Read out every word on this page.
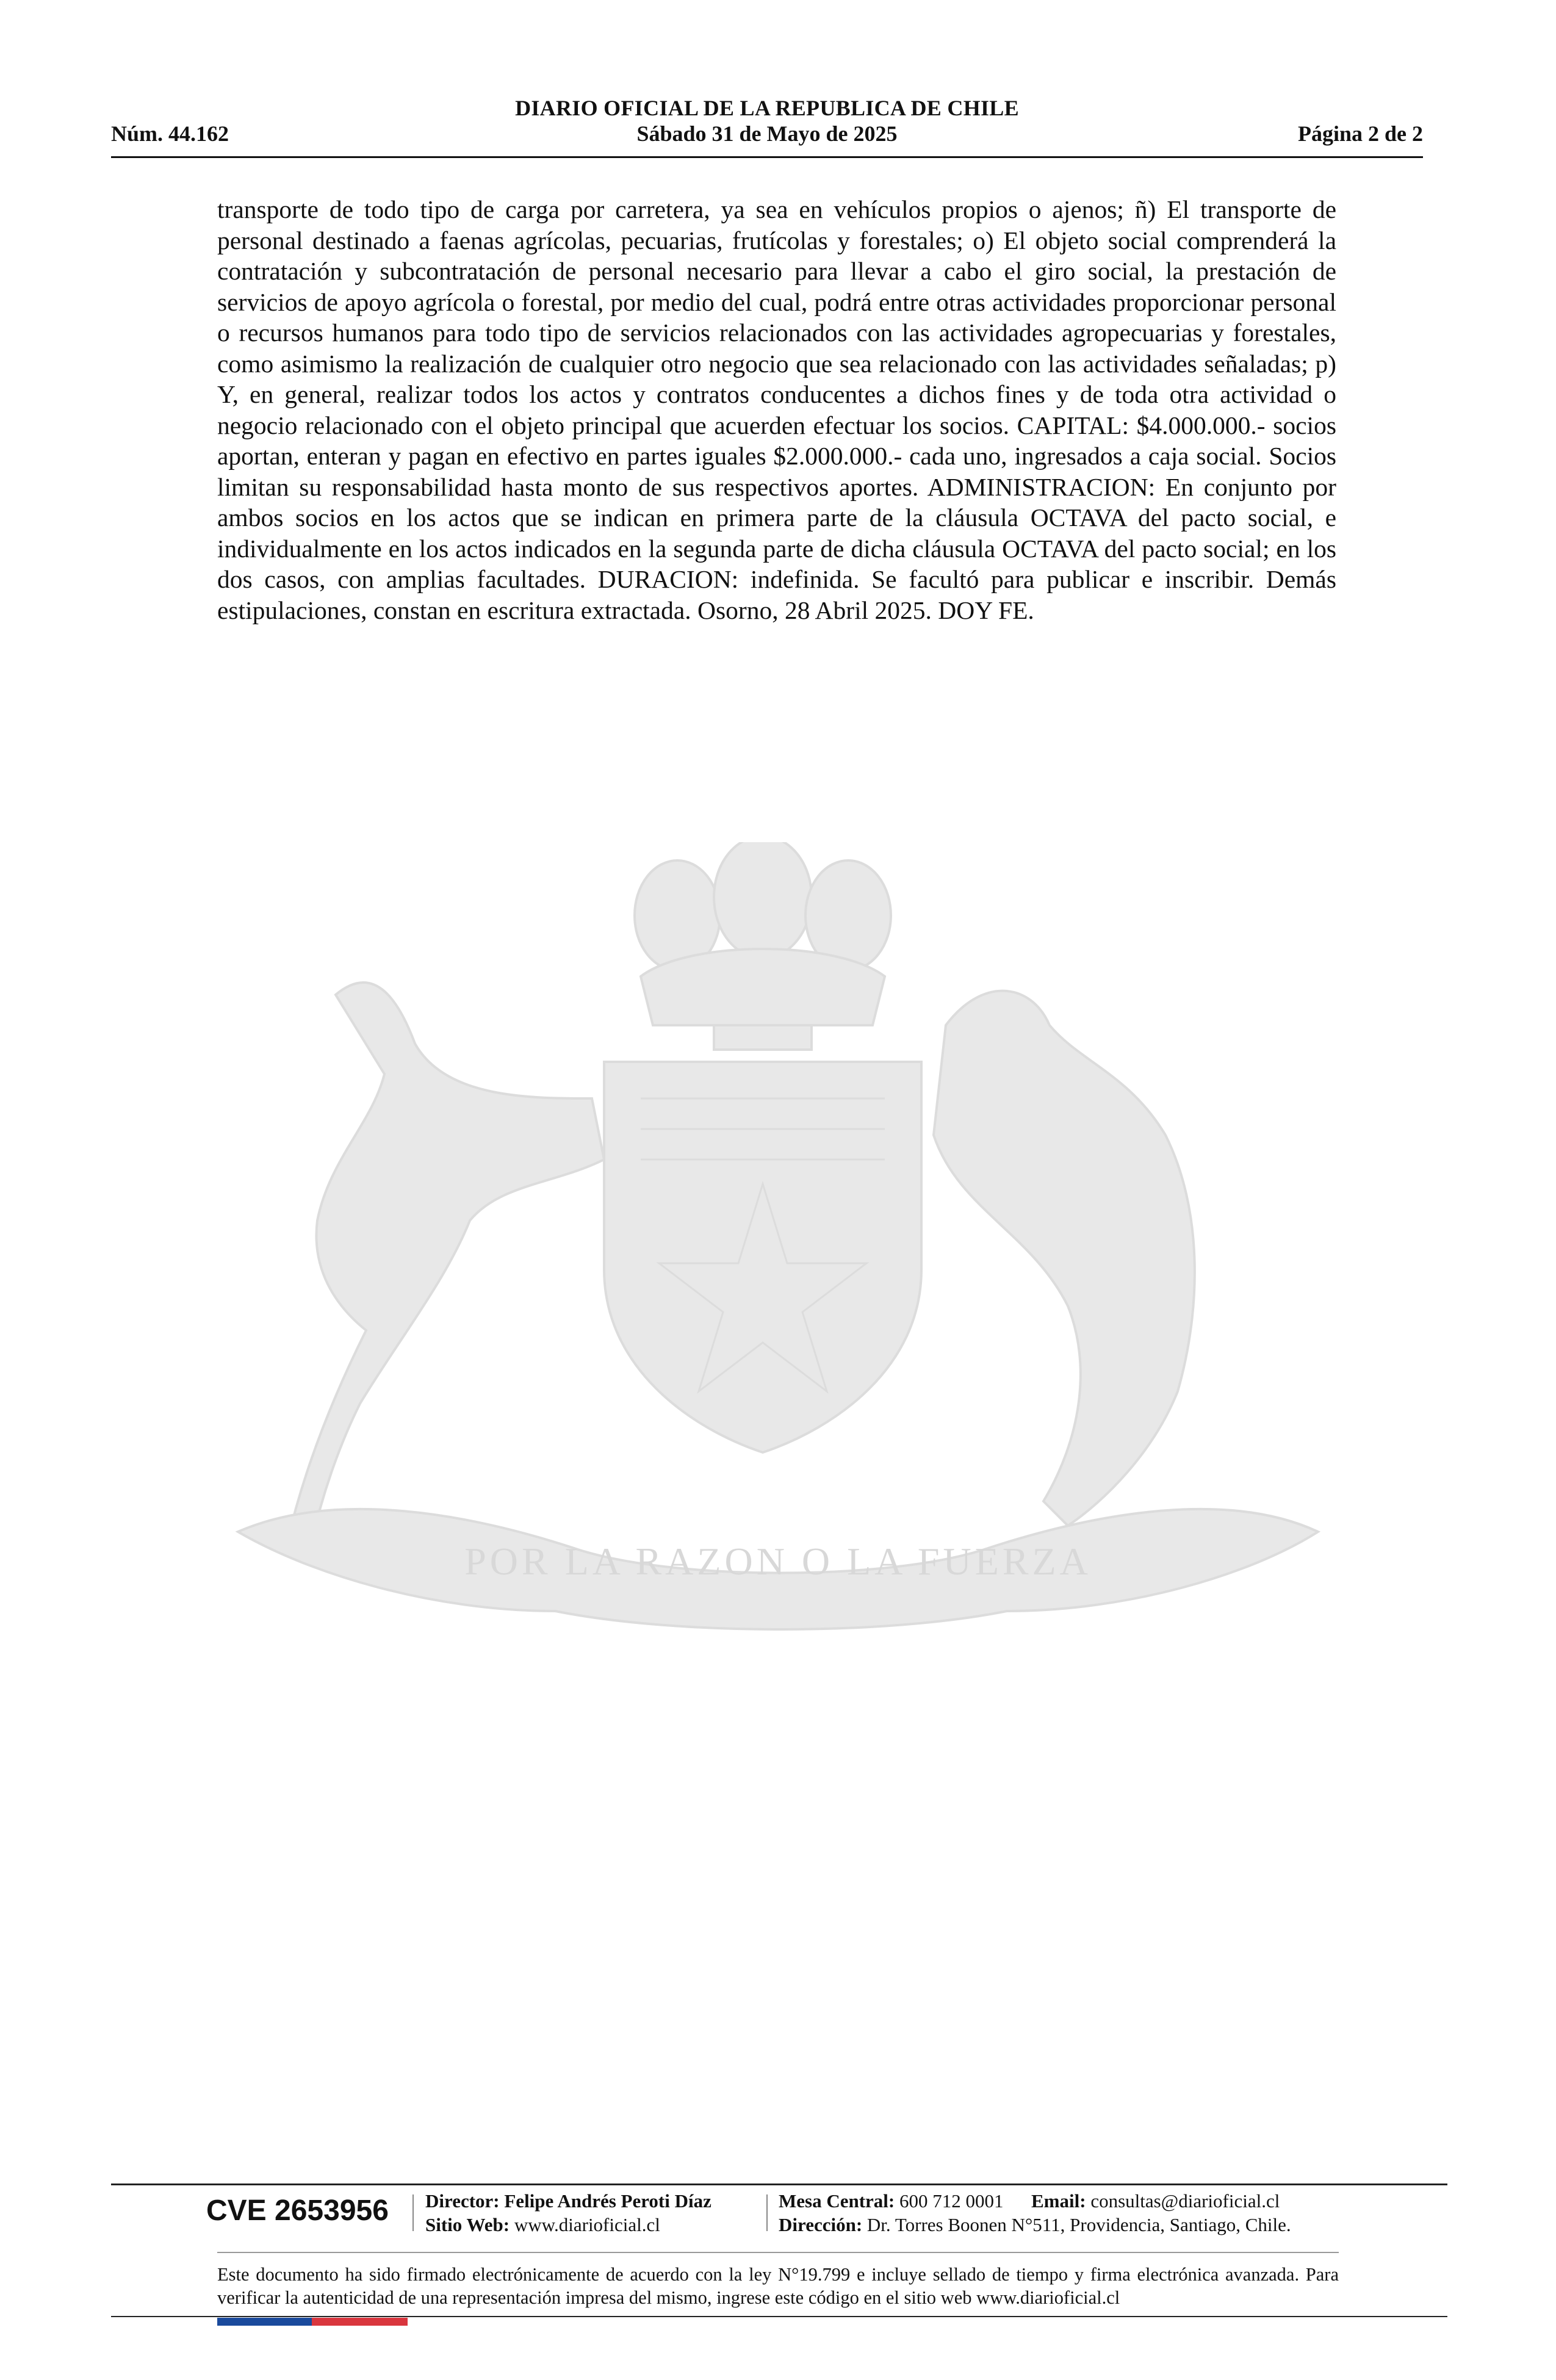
DIARIO OFICIAL DE LA REPUBLICA DE CHILE
Núm. 44.162	Sábado 31 de Mayo de 2025	Página 2 de 2

transporte de todo tipo de carga por carretera, ya sea en vehículos propios o ajenos; ñ) El transporte de personal destinado a faenas agrícolas, pecuarias, frutícolas y forestales; o) El objeto social comprenderá la contratación y subcontratación de personal necesario para llevar a cabo el giro social, la prestación de servicios de apoyo agrícola o forestal, por medio del cual, podrá entre otras actividades proporcionar personal o recursos humanos para todo tipo de servicios relacionados con las actividades agropecuarias y forestales, como asimismo la realización de cualquier otro negocio que sea relacionado con las actividades señaladas; p) Y, en general, realizar todos los actos y contratos conducentes a dichos fines y de toda otra actividad o negocio relacionado con el objeto principal que acuerden efectuar los socios. CAPITAL: $4.000.000.- socios aportan, enteran y pagan en efectivo en partes iguales $2.000.000.- cada uno, ingresados a caja social. Socios limitan su responsabilidad hasta monto de sus respectivos aportes. ADMINISTRACION: En conjunto por ambos socios en los actos que se indican en primera parte de la cláusula OCTAVA del pacto social, e individualmente en los actos indicados en la segunda parte de dicha cláusula OCTAVA del pacto social; en los dos casos, con amplias facultades. DURACION: indefinida. Se facultó para publicar e inscribir. Demás estipulaciones, constan en escritura extractada. Osorno, 28 Abril 2025. DOY FE.

POR LA RAZON O LA FUERZA
CVE 2653956	Director: Felipe Andrés Peroti Díaz
Sitio Web: www.diarioficial.cl
Mesa Central: 600 712 0001 Email: consultas@diarioficial.cl
Dirección: Dr. Torres Boonen N°511, Providencia, Santiago, Chile.

Este documento ha sido firmado electrónicamente de acuerdo con la ley N°19.799 e incluye sellado de tiempo y firma electrónica avanzada. Para verificar la autenticidad de una representación impresa del mismo, ingrese este código en el sitio web www.diarioficial.cl
